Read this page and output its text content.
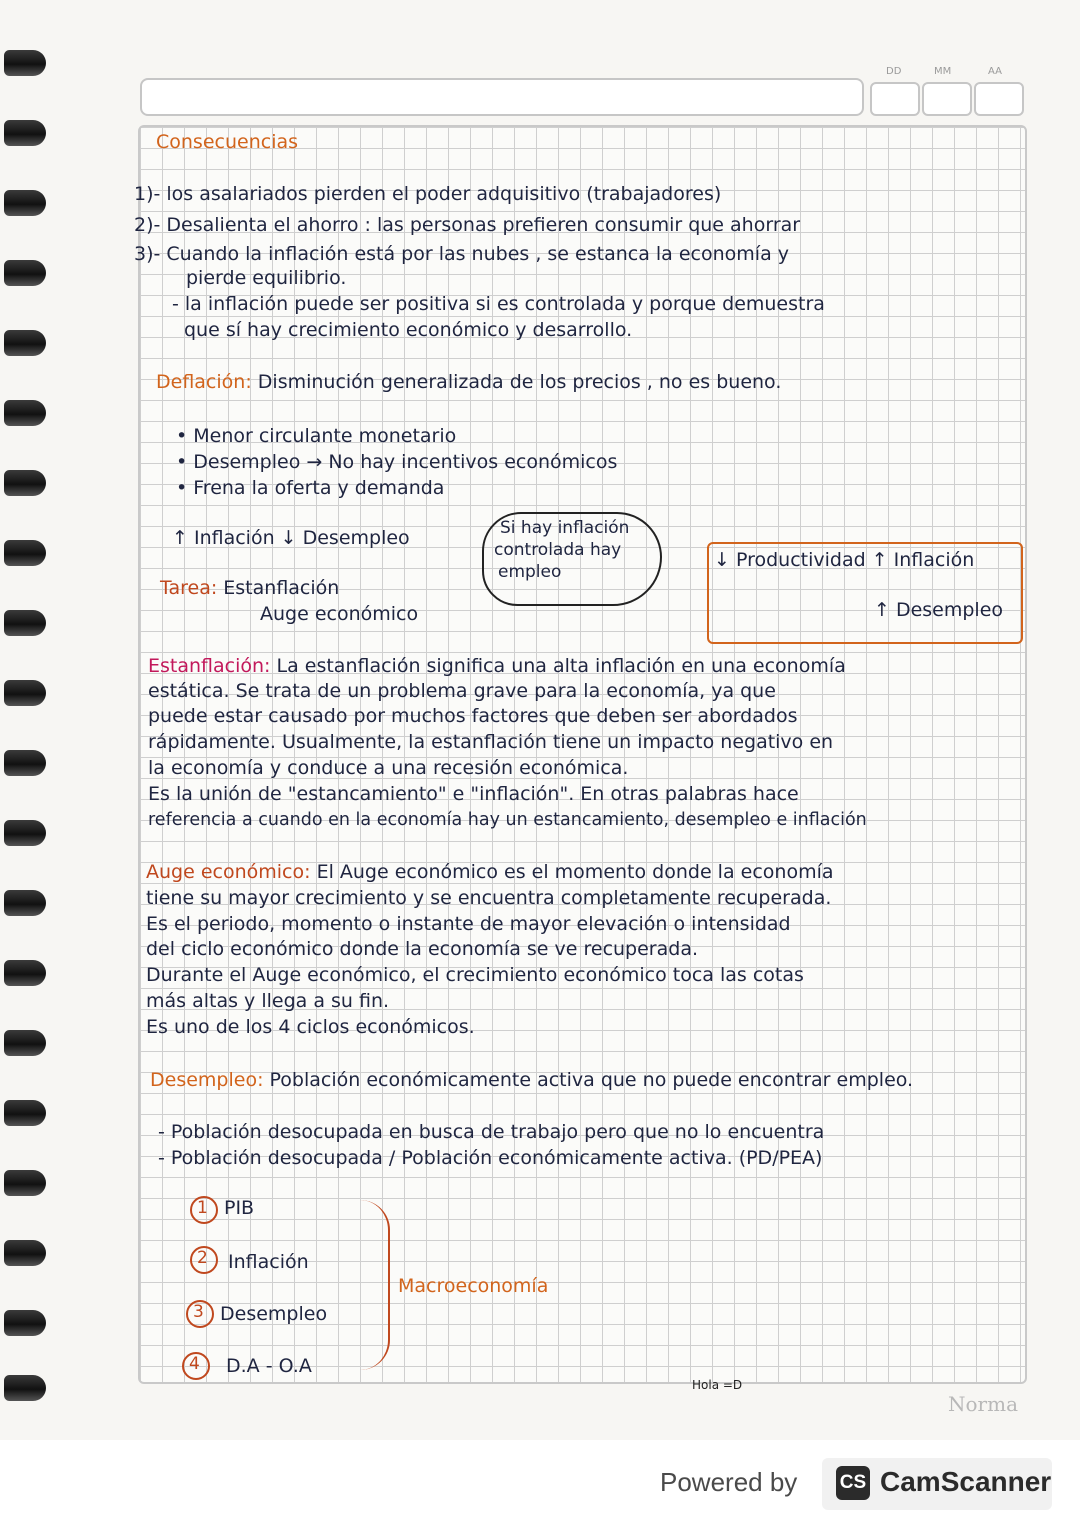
DD	MM	AA
Consecuencias
1)- los asalariados pierden el poder adquisitivo (trabajadores)
2)- Desalienta el ahorro : las personas prefieren consumir que ahorrar
3)- Cuando la inflación está por las nubes , se estanca la economía y
pierde equilibrio.
- la inflación puede ser positiva si es controlada y porque demuestra
que sí hay crecimiento económico y desarrollo.
Deflación: Disminución generalizada de los precios , no es bueno.
• Menor circulante monetario
• Desempleo → No hay incentivos económicos
• Frena la oferta y demanda
↑ Inflación ↓ Desempleo	Si hay inflación
controlada hay
empleo
↓ Productividad ↑ Inflación
↑ Desempleo
Tarea: Estanflación
Auge económico
Estanflación: La estanflación significa una alta inflación en una economía
estática. Se trata de un problema grave para la economía, ya que
puede estar causado por muchos factores que deben ser abordados
rápidamente. Usualmente, la estanflación tiene un impacto negativo en
la economía y conduce a una recesión económica.
Es la unión de "estancamiento" e "inflación". En otras palabras hace
referencia a cuando en la economía hay un estancamiento, desempleo e inflación
Auge económico: El Auge económico es el momento donde la economía
tiene su mayor crecimiento y se encuentra completamente recuperada.
Es el periodo, momento o instante de mayor elevación o intensidad
del ciclo económico donde la economía se ve recuperada.
Durante el Auge económico, el crecimiento económico toca las cotas
más altas y llega a su fin.
Es uno de los 4 ciclos económicos.
Desempleo: Población económicamente activa que no puede encontrar empleo.
- Población desocupada en busca de trabajo pero que no lo encuentra
- Población desocupada / Población económicamente activa. (PD/PEA)
1 PIB
2 Inflación
3 Desempleo
4 D.A - O.A
Macroeconomía
Hola =D
Norma
Powered by CS CamScanner
